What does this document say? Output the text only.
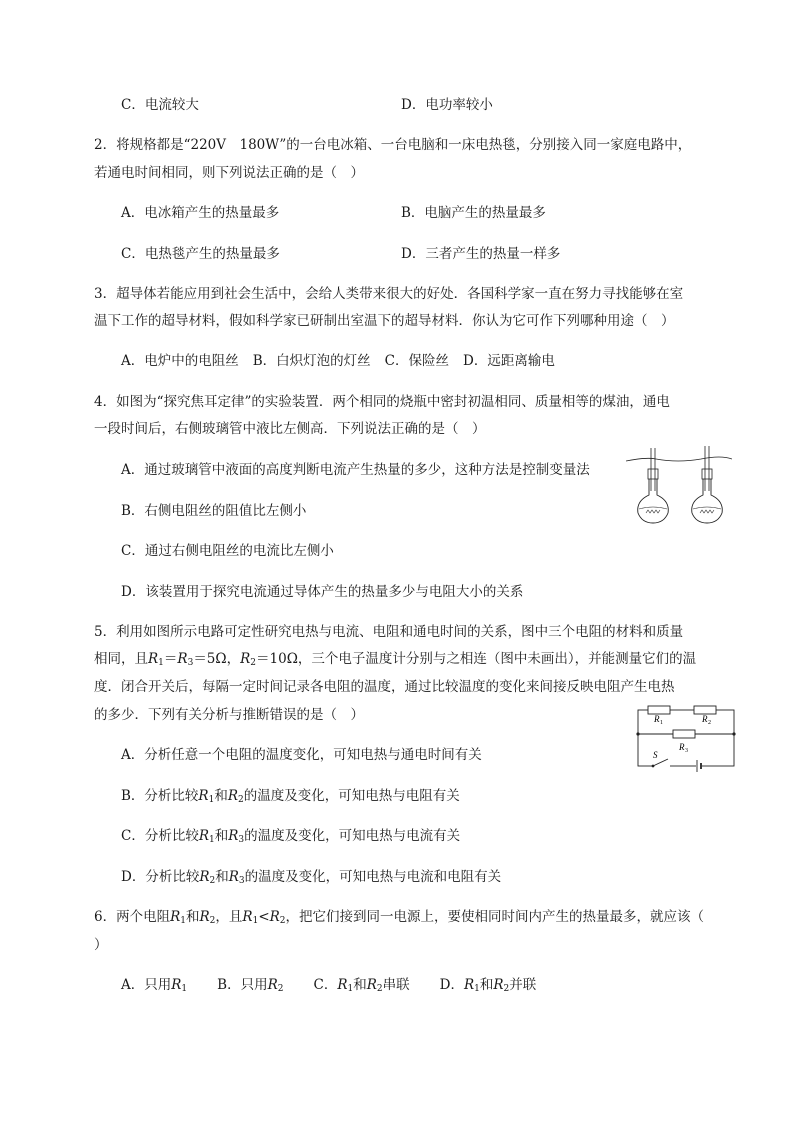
C．电流较大	D．电功率较小
2．将规格都是“220V　180W”的一台电冰箱、一台电脑和一床电热毯，分别接入同一家庭电路中，
若通电时间相同，则下列说法正确的是（　）
A．电冰箱产生的热量最多	B．电脑产生的热量最多
C．电热毯产生的热量最多	D．三者产生的热量一样多
3．超导体若能应用到社会生活中，会给人类带来很大的好处．各国科学家一直在努力寻找能够在室
温下工作的超导材料，假如科学家已研制出室温下的超导材料．你认为它可作下列哪种用途（　）
A．电炉中的电阻丝 B．白炽灯泡的灯丝 C．保险丝 D．远距离输电
4．如图为“探究焦耳定律”的实验装置．两个相同的烧瓶中密封初温相同、质量相等的煤油，通电
一段时间后，右侧玻璃管中液比左侧高．下列说法正确的是（　）
A．通过玻璃管中液面的高度判断电流产生热量的多少，这种方法是控制变量法
B．右侧电阻丝的阻值比左侧小
C．通过右侧电阻丝的电流比左侧小
D．该装置用于探究电流通过导体产生的热量多少与电阻大小的关系
5．利用如图所示电路可定性研究电热与电流、电阻和通电时间的关系，图中三个电阻的材料和质量
相同，且$R_1=R_3=5\Omega$，$R_2=10\Omega$，三个电子温度计分别与之相连（图中未画出），并能测量它们的温
度．闭合开关后，每隔一定时间记录各电阻的温度，通过比较温度的变化来间接反映电阻产生电热
的多少．下列有关分析与推断错误的是（　）
A．分析任意一个电阻的温度变化，可知电热与通电时间有关
B．分析比较$R_1$和$R_2$的温度及变化，可知电热与电阻有关
C．分析比较$R_1$和$R_3$的温度及变化，可知电热与电流有关
D．分析比较$R_2$和$R_3$的温度及变化，可知电热与电流和电阻有关
R 1	R 2
R 3
S
6．两个电阻$R_1$和$R_2$，且$R_1<R_2$，把它们接到同一电源上，要使相同时间内产生的热量最多，就应该（
）
A．只用$R_1$ B．只用$R_2$ C．$R_1$和$R_2$串联 D．$R_1$和$R_2$并联
